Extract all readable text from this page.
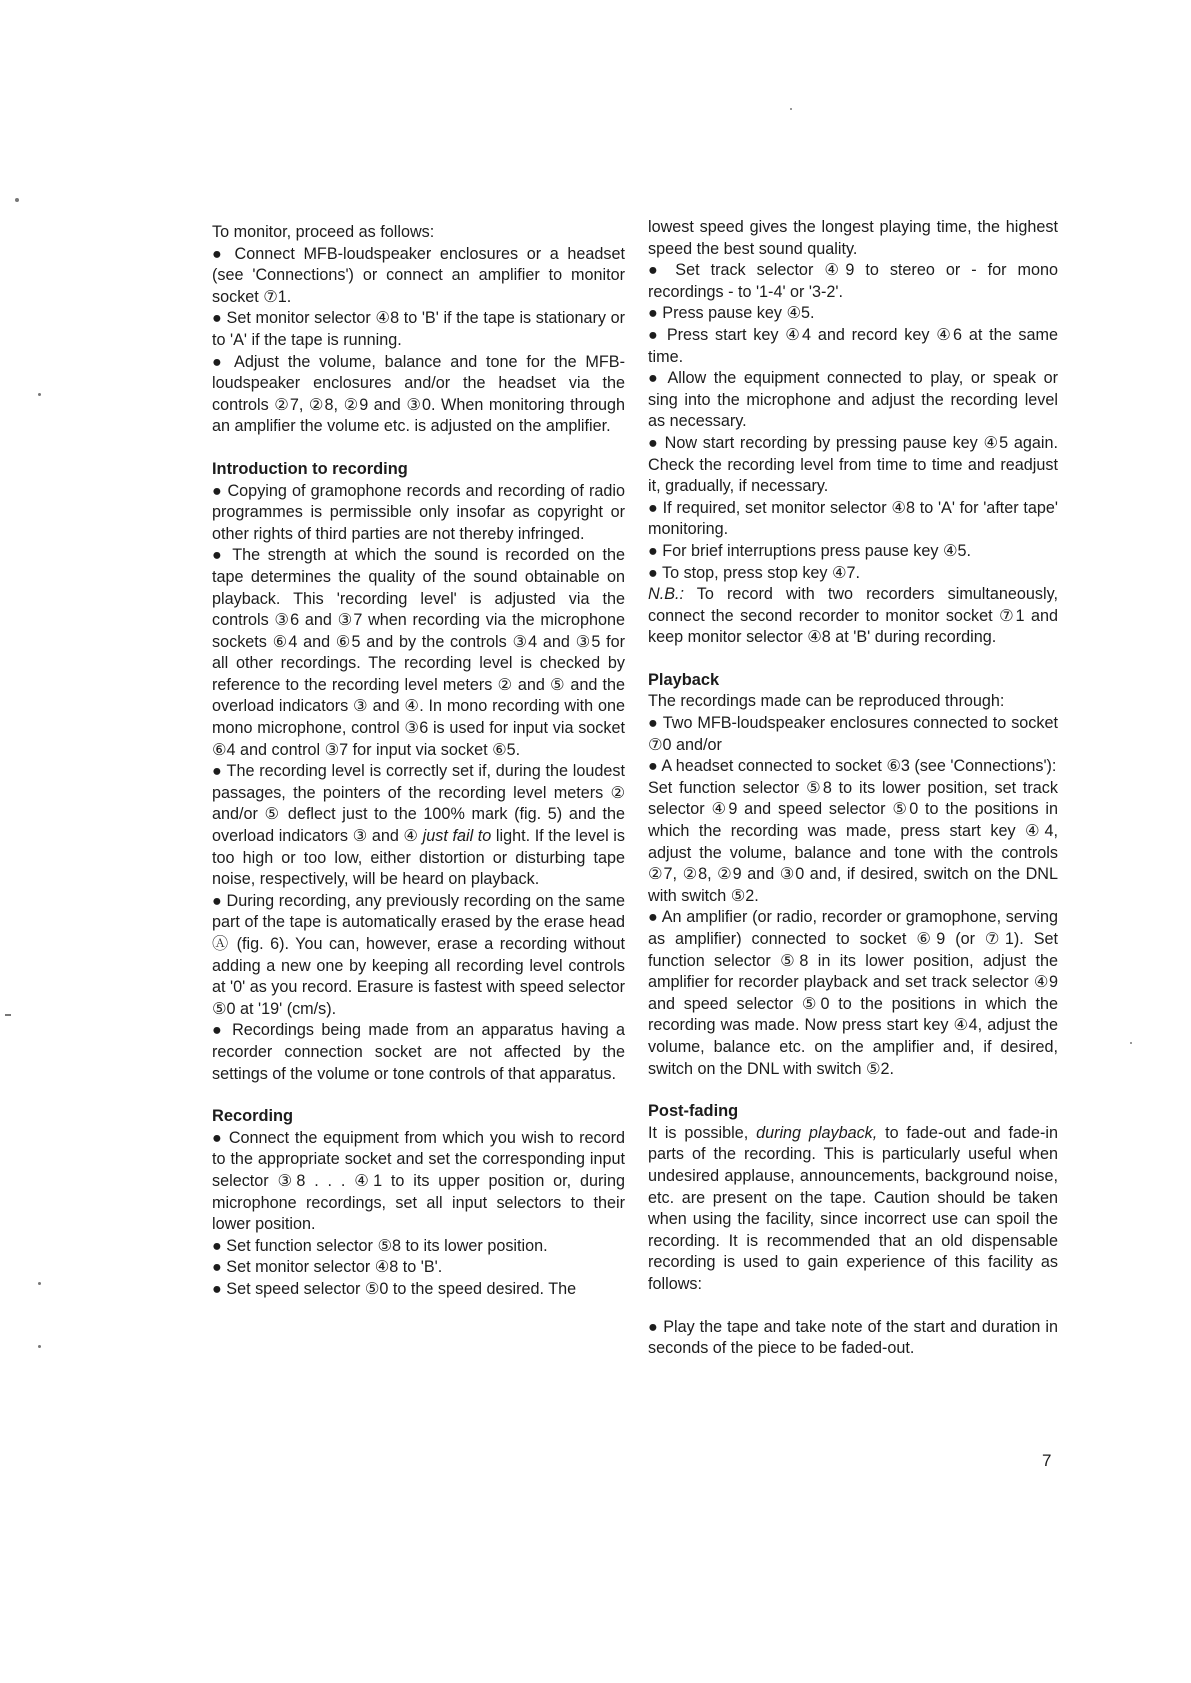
To monitor, proceed as follows:

● Connect MFB-loudspeaker enclosures or a headset (see 'Connections') or connect an amplifier to monitor socket ⑦1.

● Set monitor selector ④8 to 'B' if the tape is stationary or to 'A' if the tape is running.

● Adjust the volume, balance and tone for the MFB-loudspeaker enclosures and/or the headset via the controls ②7, ②8, ②9 and ③0. When monitoring through an amplifier the volume etc. is adjusted on the amplifier.

Introduction to recording

● Copying of gramophone records and recording of radio programmes is permissible only insofar as copyright or other rights of third parties are not thereby infringed.

● The strength at which the sound is recorded on the tape determines the quality of the sound obtainable on playback. This 'recording level' is adjusted via the controls ③6 and ③7 when recording via the microphone sockets ⑥4 and ⑥5 and by the controls ③4 and ③5 for all other recordings. The recording level is checked by reference to the recording level meters ② and ⑤ and the overload indicators ③ and ④. In mono recording with one mono microphone, control ③6 is used for input via socket ⑥4 and control ③7 for input via socket ⑥5.

● The recording level is correctly set if, during the loudest passages, the pointers of the recording level meters ② and/or ⑤ deflect just to the 100% mark (fig. 5) and the overload indicators ③ and ④ just fail to light. If the level is too high or too low, either distortion or disturbing tape noise, respectively, will be heard on playback.

● During recording, any previously recording on the same part of the tape is automatically erased by the erase head Ⓐ (fig. 6). You can, however, erase a recording without adding a new one by keeping all recording level controls at '0' as you record. Erasure is fastest with speed selector ⑤0 at '19' (cm/s).

● Recordings being made from an apparatus having a recorder connection socket are not affected by the settings of the volume or tone controls of that apparatus.

Recording

● Connect the equipment from which you wish to record to the appropriate socket and set the corresponding input selector ③8 . . . ④1 to its upper position or, during microphone recordings, set all input selectors to their lower position.

● Set function selector ⑤8 to its lower position.

● Set monitor selector ④8 to 'B'.

● Set speed selector ⑤0 to the speed desired. The

lowest speed gives the longest playing time, the highest speed the best sound quality.

● Set track selector ④9 to stereo or - for mono recordings - to '1-4' or '3-2'.

● Press pause key ④5.

● Press start key ④4 and record key ④6 at the same time.

● Allow the equipment connected to play, or speak or sing into the microphone and adjust the recording level as necessary.

● Now start recording by pressing pause key ④5 again. Check the recording level from time to time and readjust it, gradually, if necessary.

● If required, set monitor selector ④8 to 'A' for 'after tape' monitoring.

● For brief interruptions press pause key ④5.

● To stop, press stop key ④7.

N.B.: To record with two recorders simultaneously, connect the second recorder to monitor socket ⑦1 and keep monitor selector ④8 at 'B' during recording.

Playback

The recordings made can be reproduced through:

● Two MFB-loudspeaker enclosures connected to socket ⑦0 and/or

● A headset connected to socket ⑥3 (see 'Connections'):

Set function selector ⑤8 to its lower position, set track selector ④9 and speed selector ⑤0 to the positions in which the recording was made, press start key ④4, adjust the volume, balance and tone with the controls ②7, ②8, ②9 and ③0 and, if desired, switch on the DNL with switch ⑤2.

● An amplifier (or radio, recorder or gramophone, serving as amplifier) connected to socket ⑥9 (or ⑦1). Set function selector ⑤8 in its lower position, adjust the amplifier for recorder playback and set track selector ④9 and speed selector ⑤0 to the positions in which the recording was made. Now press start key ④4, adjust the volume, balance etc. on the amplifier and, if desired, switch on the DNL with switch ⑤2.

Post-fading

It is possible, during playback, to fade-out and fade-in parts of the recording. This is particularly useful when undesired applause, announcements, background noise, etc. are present on the tape. Caution should be taken when using the facility, since incorrect use can spoil the recording. It is recommended that an old dispensable recording is used to gain experience of this facility as follows:

● Play the tape and take note of the start and duration in seconds of the piece to be faded-out.

7
